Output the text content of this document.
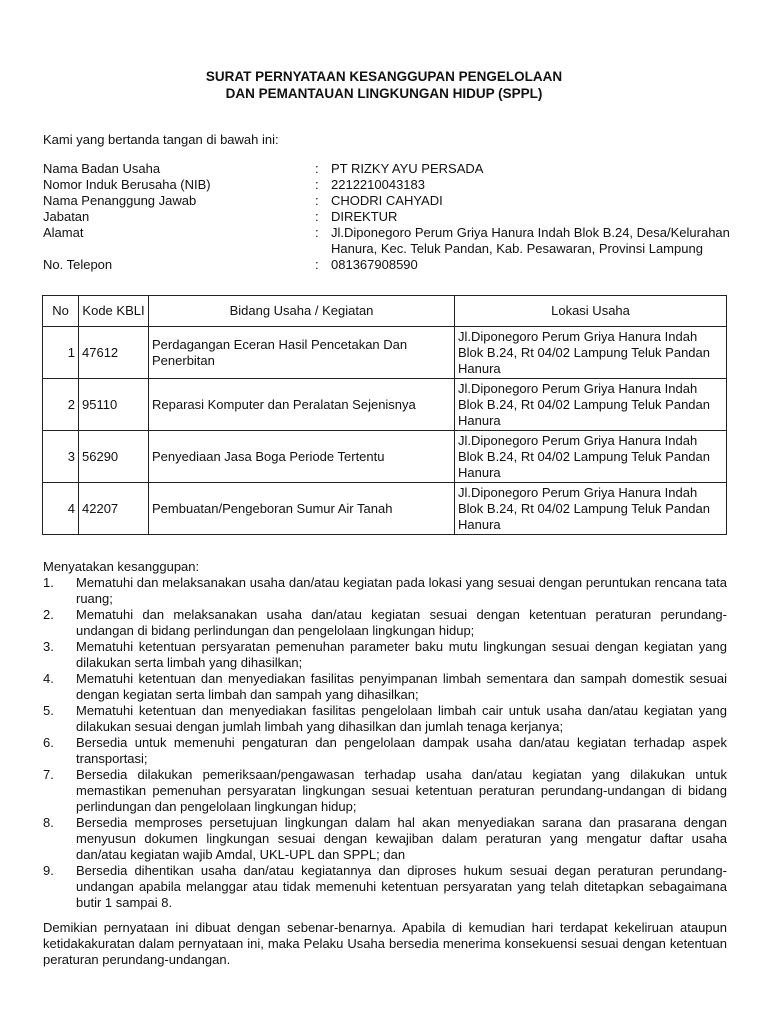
SURAT PERNYATAAN KESANGGUPAN PENGELOLAAN
DAN PEMANTAUAN LINGKUNGAN HIDUP (SPPL)
Kami yang bertanda tangan di bawah ini:
Nama Badan Usaha	: PT RIZKY AYU PERSADA
Nomor Induk Berusaha (NIB)	: 2212210043183
Nama Penanggung Jawab	: CHODRI CAHYADI
Jabatan	: DIREKTUR
Alamat	: Jl.Diponegoro Perum Griya Hanura Indah Blok B.24, Desa/Kelurahan Hanura, Kec. Teluk Pandan, Kab. Pesawaran, Provinsi Lampung
No. Telepon	: 081367908590
No	Kode KBLI	Bidang Usaha / Kegiatan	Lokasi Usaha
1	47612	Perdagangan Eceran Hasil Pencetakan Dan Penerbitan	Jl.Diponegoro Perum Griya Hanura Indah Blok B.24, Rt 04/02 Lampung Teluk Pandan Hanura
2	95110	Reparasi Komputer dan Peralatan Sejenisnya	Jl.Diponegoro Perum Griya Hanura Indah Blok B.24, Rt 04/02 Lampung Teluk Pandan Hanura
3	56290	Penyediaan Jasa Boga Periode Tertentu	Jl.Diponegoro Perum Griya Hanura Indah Blok B.24, Rt 04/02 Lampung Teluk Pandan Hanura
4	42207	Pembuatan/Pengeboran Sumur Air Tanah	Jl.Diponegoro Perum Griya Hanura Indah Blok B.24, Rt 04/02 Lampung Teluk Pandan Hanura
Menyatakan kesanggupan:
1.	Mematuhi dan melaksanakan usaha dan/atau kegiatan pada lokasi yang sesuai dengan peruntukan rencana tata ruang;
2.	Mematuhi dan melaksanakan usaha dan/atau kegiatan sesuai dengan ketentuan peraturan perundang-undangan di bidang perlindungan dan pengelolaan lingkungan hidup;
3.	Mematuhi ketentuan persyaratan pemenuhan parameter baku mutu lingkungan sesuai dengan kegiatan yang dilakukan serta limbah yang dihasilkan;
4.	Mematuhi ketentuan dan menyediakan fasilitas penyimpanan limbah sementara dan sampah domestik sesuai dengan kegiatan serta limbah dan sampah yang dihasilkan;
5.	Mematuhi ketentuan dan menyediakan fasilitas pengelolaan limbah cair untuk usaha dan/atau kegiatan yang dilakukan sesuai dengan jumlah limbah yang dihasilkan dan jumlah tenaga kerjanya;
6.	Bersedia untuk memenuhi pengaturan dan pengelolaan dampak usaha dan/atau kegiatan terhadap aspek transportasi;
7.	Bersedia dilakukan pemeriksaan/pengawasan terhadap usaha dan/atau kegiatan yang dilakukan untuk memastikan pemenuhan persyaratan lingkungan sesuai ketentuan peraturan perundang-undangan di bidang perlindungan dan pengelolaan lingkungan hidup;
8.	Bersedia memproses persetujuan lingkungan dalam hal akan menyediakan sarana dan prasarana dengan menyusun dokumen lingkungan sesuai dengan kewajiban dalam peraturan yang mengatur daftar usaha dan/atau kegiatan wajib Amdal, UKL-UPL dan SPPL; dan
9.	Bersedia dihentikan usaha dan/atau kegiatannya dan diproses hukum sesuai degan peraturan perundang-undangan apabila melanggar atau tidak memenuhi ketentuan persyaratan yang telah ditetapkan sebagaimana butir 1 sampai 8.
Demikian pernyataan ini dibuat dengan sebenar-benarnya. Apabila di kemudian hari terdapat kekeliruan ataupun ketidakakuratan dalam pernyataan ini, maka Pelaku Usaha bersedia menerima konsekuensi sesuai dengan ketentuan peraturan perundang-undangan.
